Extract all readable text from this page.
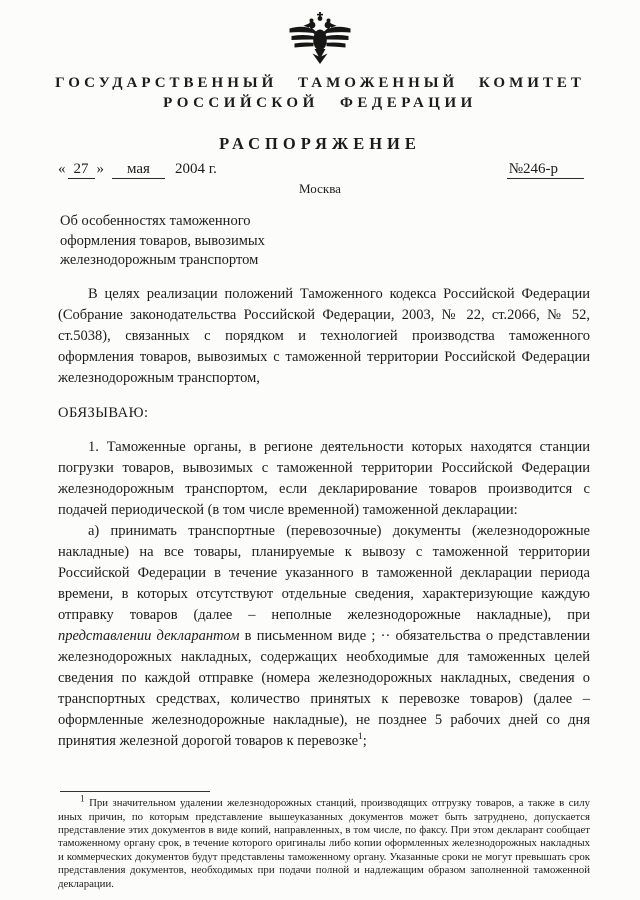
ГОСУДАРСТВЕННЫЙ ТАМОЖЕННЫЙ КОМИТЕТ
РОССИЙСКОЙ ФЕДЕРАЦИИ
РАСПОРЯЖЕНИЕ
« 27 » мая 2004 г.	№246-р
Москва
Об особенностях таможенного
оформления товаров, вывозимых
железнодорожным транспортом

В целях реализации положений Таможенного кодекса Российской Федерации (Собрание законодательства Российской Федерации, 2003, № 22, ст.2066, № 52, ст.5038), связанных с порядком и технологией производства таможенного оформления товаров, вывозимых с таможенной территории Российской Федерации железнодорожным транспортом,

ОБЯЗЫВАЮ:

1. Таможенные органы, в регионе деятельности которых находятся станции погрузки товаров, вывозимых с таможенной территории Российской Федерации железнодорожным транспортом, если декларирование товаров производится с подачей периодической (в том числе временной) таможенной декларации:

а) принимать транспортные (перевозочные) документы (железнодорожные накладные) на все товары, планируемые к вывозу с таможенной территории Российской Федерации в течение указанного в таможенной декларации периода времени, в которых отсутствуют отдельные сведения, характеризующие каждую отправку товаров (далее – неполные железнодорожные накладные), при представлении декларантом в письменном виде ; ·· обязательства о представлении железнодорожных накладных, содержащих необходимые для таможенных целей сведения по каждой отправке (номера железнодорожных накладных, сведения о транспортных средствах, количество принятых к перевозке товаров) (далее – оформленные железнодорожные накладные), не позднее 5 рабочих дней со дня принятия железной дорогой товаров к перевозке$^1$;

$^1$ При значительном удалении железнодорожных станций, производящих отгрузку товаров, а также в силу иных причин, по которым представление вышеуказанных документов может быть затруднено, допускается представление этих документов в виде копий, направленных, в том числе, по факсу. При этом декларант сообщает таможенному органу срок, в течение которого оригиналы либо копии оформленных железнодорожных накладных и коммерческих документов будут представлены таможенному органу. Указанные сроки не могут превышать срок представления документов, необходимых при подачи полной и надлежащим образом заполненной таможенной декларации.
